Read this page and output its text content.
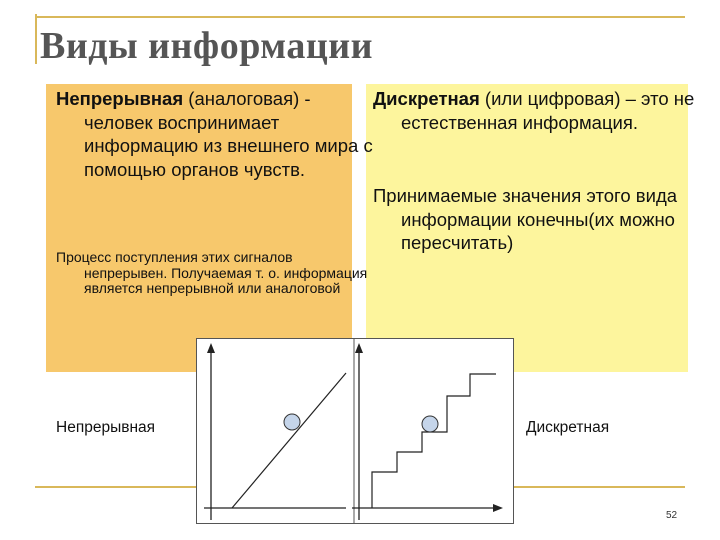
Виды информации
Непрерывная (аналоговая) - человек воспринимает информацию из внешнего мира с помощью органов чувств.
Процесс поступления этих сигналов непрерывен. Получаемая т. о. информация является непрерывной или аналоговой
Дискретная (или цифровая) – это не естественная информация.
Принимаемые значения этого вида информации конечны(их можно пересчитать)
Непрерывная	Дискретная
52
